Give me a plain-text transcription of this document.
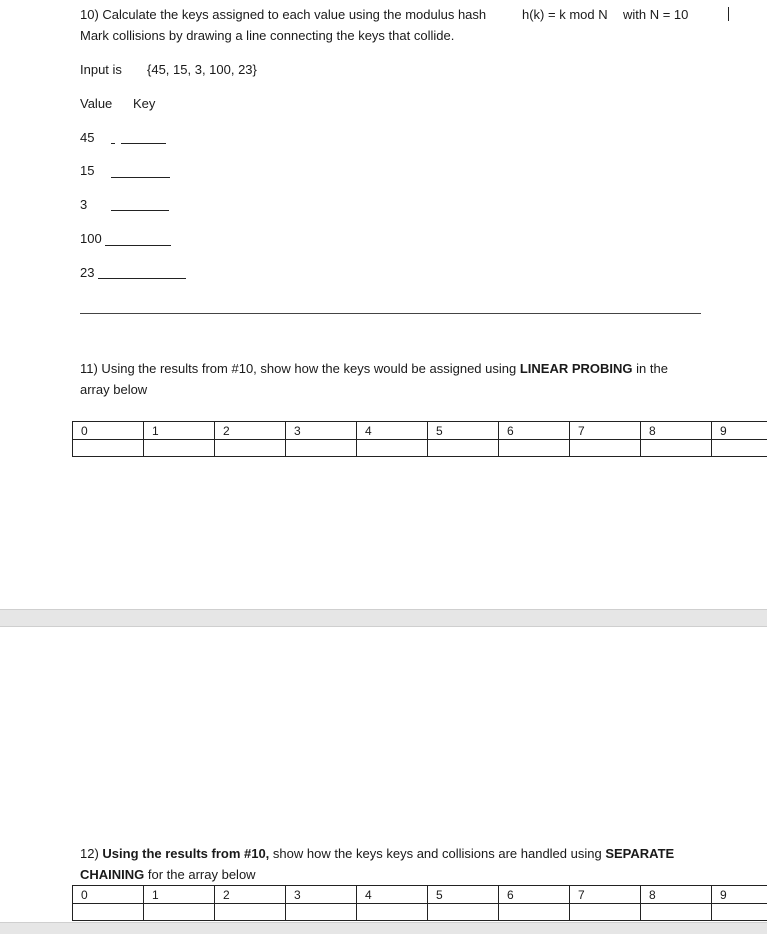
10) Calculate the keys assigned to each value using the modulus hash	h(k) = k mod N with N = 10
Mark collisions by drawing a line connecting the keys that collide.
Input is {45, 15, 3, 100, 23}
Value Key
45
15
3
100
23
11) Using the results from #10, show how the keys would be assigned using LINEAR PROBING in the
array below
0	1	2	3	4	5	6	7	8	9

12) Using the results from #10, show how the keys keys and collisions are handled using SEPARATE
CHAINING for the array below
0	1	2	3	4	5	6	7	8	9
